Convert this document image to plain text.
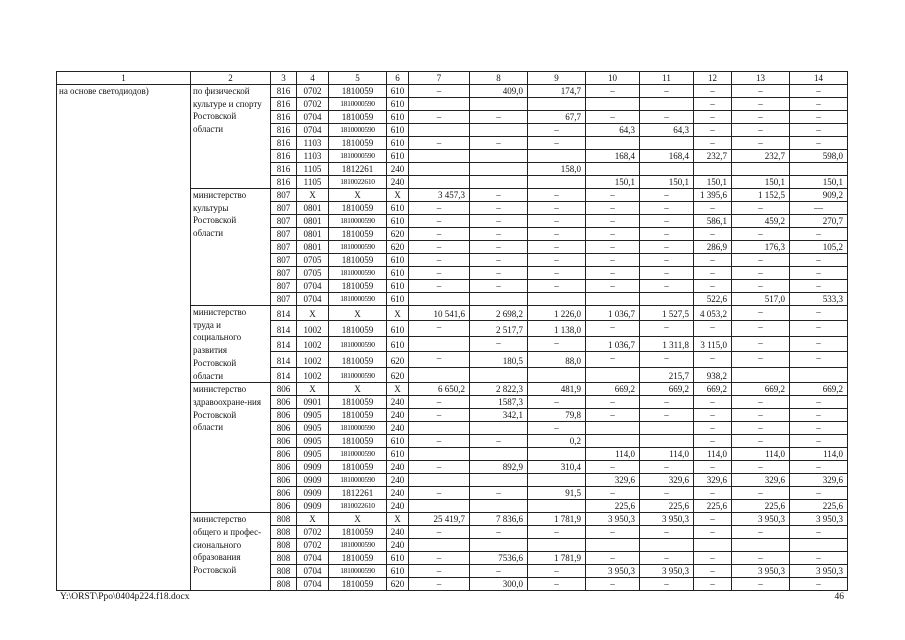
1	2	3	4	5	6	7	8	9	10	11	12	13	14
на основе светодиодов)	по физической культуре и спорту Ростовской области	816	0702	1810059	610	–	409,0	174,7	–	–	–	–	–
		816	0702	1810000590	610						–	–	–
		816	0704	1810059	610	–	–	67,7	–	–	–	–	–
		816	0704	1810000590	610			–	64,3	64,3	–	–	–
		816	1103	1810059	610	–	–	–			–	–	–
		816	1103	1810000590	610				168,4	168,4	232,7	232,7	598,0
		816	1105	1812261	240			158,0					
		816	1105	1810022610	240				150,1	150,1	150,1	150,1	150,1
	министерство культуры Ростовской области	807	X	X	X	3 457,3	–	–	–	–	1 395,6	1 152,5	909,2
		807	0801	1810059	610	–	–	–	–	–	–	–	—
		807	0801	1810000590	610	–	–	–	–	–	586,1	459,2	270,7
		807	0801	1810059	620	–	–	–	–	–	–	–	–
		807	0801	1810000590	620	–	–	–	–	–	286,9	176,3	105,2
		807	0705	1810059	610	–	–	–	–	–	–	–	–
		807	0705	1810000590	610	–	–	–	–	–	–	–	–
		807	0704	1810059	610	–	–	–	–	–	–	–	–
		807	0704	1810000590	610						522,6	517,0	533,3
	министерство труда и социального развития Ростовской области	814	X	X	X	10 541,6	2 698,2	1 226,0	1 036,7	1 527,5	4 053,2	–	–
		814	1002	1810059	610	–	2 517,7	1 138,0	–	–	–	–	–
		814	1002	1810000590	610		–	–	1 036,7	1 311,8	3 115,0	–	–
		814	1002	1810059	620	–	180,5	88,0	–	–	–	–	–
		814	1002	1810000590	620					215,7	938,2		
	министерство здравоохране-ния Ростовской области	806	X	X	X	6 650,2	2 822,3	481,9	669,2	669,2	669,2	669,2	669,2
		806	0901	1810059	240	–	1587,3	–	–	–	–	–	–
		806	0905	1810059	240	–	342,1	79,8	–	–	–	–	–
		806	0905	1810000590	240			–			–	–	–
		806	0905	1810059	610	–	–	0,2			–	–	–
		806	0905	1810000590	610				114,0	114,0	114,0	114,0	114,0
		806	0909	1810059	240	–	892,9	310,4	–	–	–	–	–
		806	0909	1810000590	240				329,6	329,6	329,6	329,6	329,6
		806	0909	1812261	240	–	–	91,5	–	–	–	–	–
		806	0909	1810022610	240				225,6	225,6	225,6	225,6	225,6
	министерство общего и профес-сионального образования Ростовской	808	X	X	X	25 419,7	7 836,6	1 781,9	3 950,3	3 950,3	–	3 950,3	3 950,3
		808	0702	1810059	240	–	–	–	–	–	–	–	–
		808	0702	1810000590	240								
		808	0704	1810059	610	–	7536,6	1 781,9	–	–	–	–	–
		808	0704	1810000590	610	–	–	–	3 950,3	3 950,3	–	3 950,3	3 950,3
		808	0704	1810059	620	–	300,0	–	–	–	–	–	–
Y:\ORST\Ppo\0404p224.f18.docx	46
